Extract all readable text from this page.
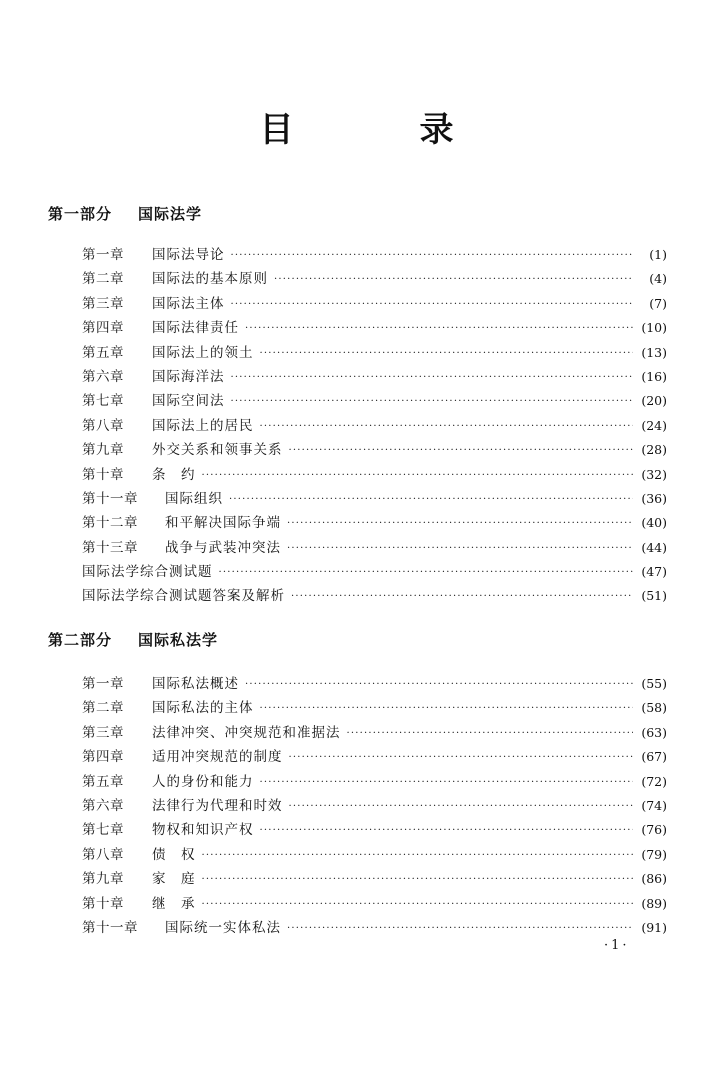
目　录
第一部分 国际法学
第一章	国际法导论 ·····	(1)
第二章	国际法的基本原则 ·····	(4)
第三章	国际法主体 ·····	(7)
第四章	国际法律责任 ·····	(10)
第五章	国际法上的领土 ·····	(13)
第六章	国际海洋法 ·····	(16)
第七章	国际空间法 ·····	(20)
第八章	国际法上的居民 ·····	(24)
第九章	外交关系和领事关系 ·····	(28)
第十章	条　约 ·····	(32)
第十一章	国际组织 ·····	(36)
第十二章	和平解决国际争端 ·····	(40)
第十三章	战争与武装冲突法 ·····	(44)
国际法学综合测试题 ·····	(47)
国际法学综合测试题答案及解析 ·····	(51)
第二部分 国际私法学
第一章	国际私法概述 ·····	(55)
第二章	国际私法的主体 ·····	(58)
第三章	法律冲突、冲突规范和准据法 ·····	(63)
第四章	适用冲突规范的制度 ·····	(67)
第五章	人的身份和能力 ·····	(72)
第六章	法律行为代理和时效 ·····	(74)
第七章	物权和知识产权 ·····	(76)
第八章	债　权 ·····	(79)
第九章	家　庭 ·····	(86)
第十章	继　承 ·····	(89)
第十一章	国际统一实体私法 ·····	(91)
·1·
